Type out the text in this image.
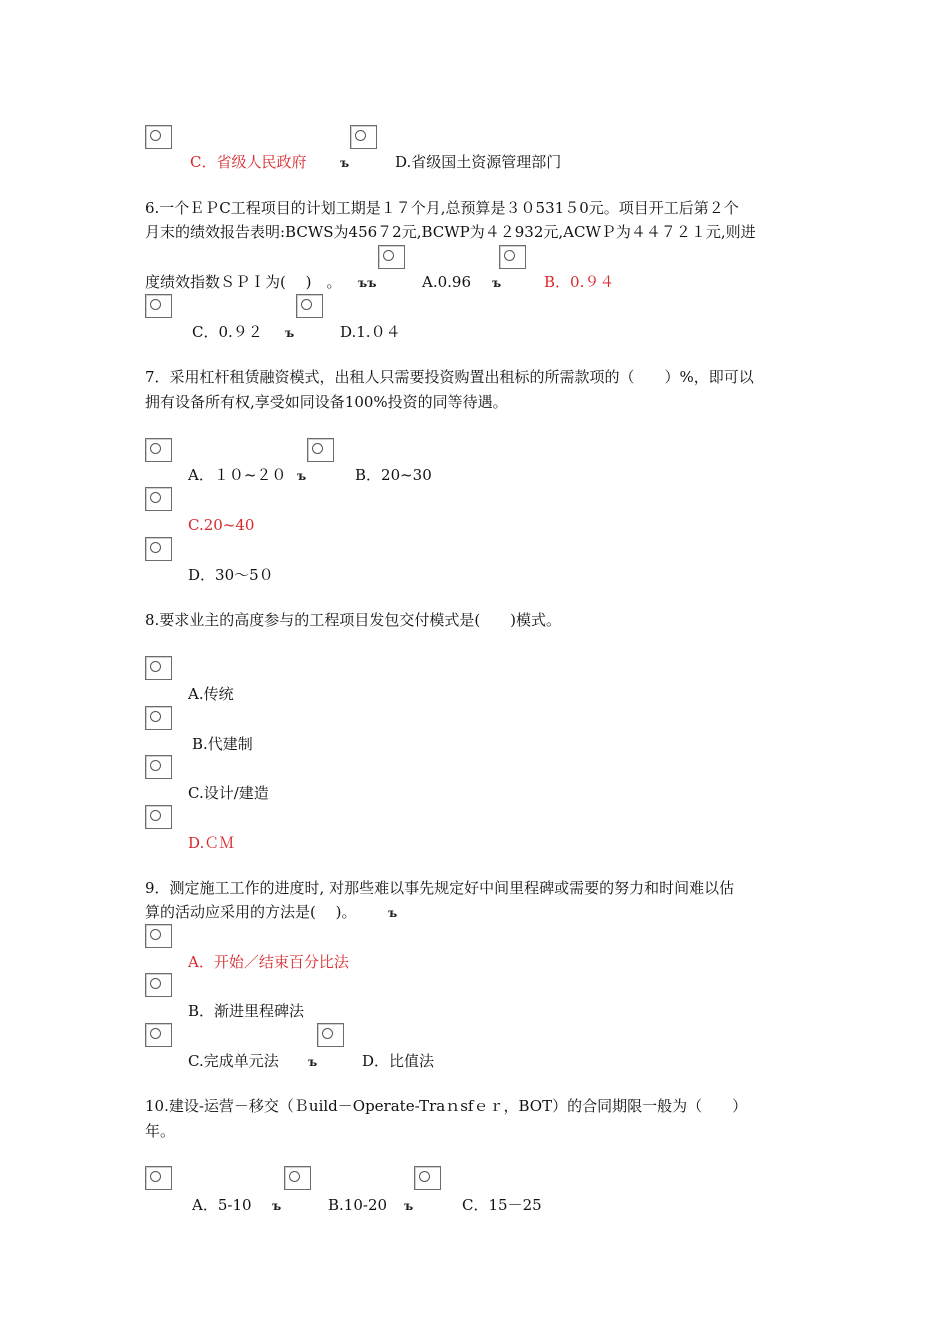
C．省级人民政府	ъ	D.省级国土资源管理部门
6.一个ＥＰC工程项目的计划工期是１７个月,总预算是３０531５0元。项目开工后第２个
月末的绩效报告表明:BCWS为456７2元,BCWP为４２932元,ACWＰ为４４７２１元,则进
度绩效指数ＳＰＩ为(　 )　。 ъъ	A.0.96 ъ	B．0.９４
C．0.９２ ъ	D.1.０４
7．采用杠杆租赁融资模式，出租人只需要投资购置出租标的所需款项的（　　）%，即可以
拥有设备所有权,享受如同设备100%投资的同等待遇。
A．１０~２０ ъ	B．20~30
C.20~40
D．30～5０
8.要求业主的高度参与的工程项目发包交付模式是(　　)模式。
A.传统
B.代建制
C.设计/建造
D.ＣＭ
9．测定施工工作的进度时, 对那些难以事先规定好中间里程碑或需要的努力和时间难以估
算的活动应采用的方法是(　 )。	ъ
A．开始／结束百分比法
B．渐进里程碑法
C.完成单元法 ъ	D．比值法
10.建设-运营－移交（Ｂuild－Operate-Traｎsfｅｒ，BOT）的合同期限一般为（　　）
年。
A．5-10 ъ	B.10-20 ъ	C．15－25
